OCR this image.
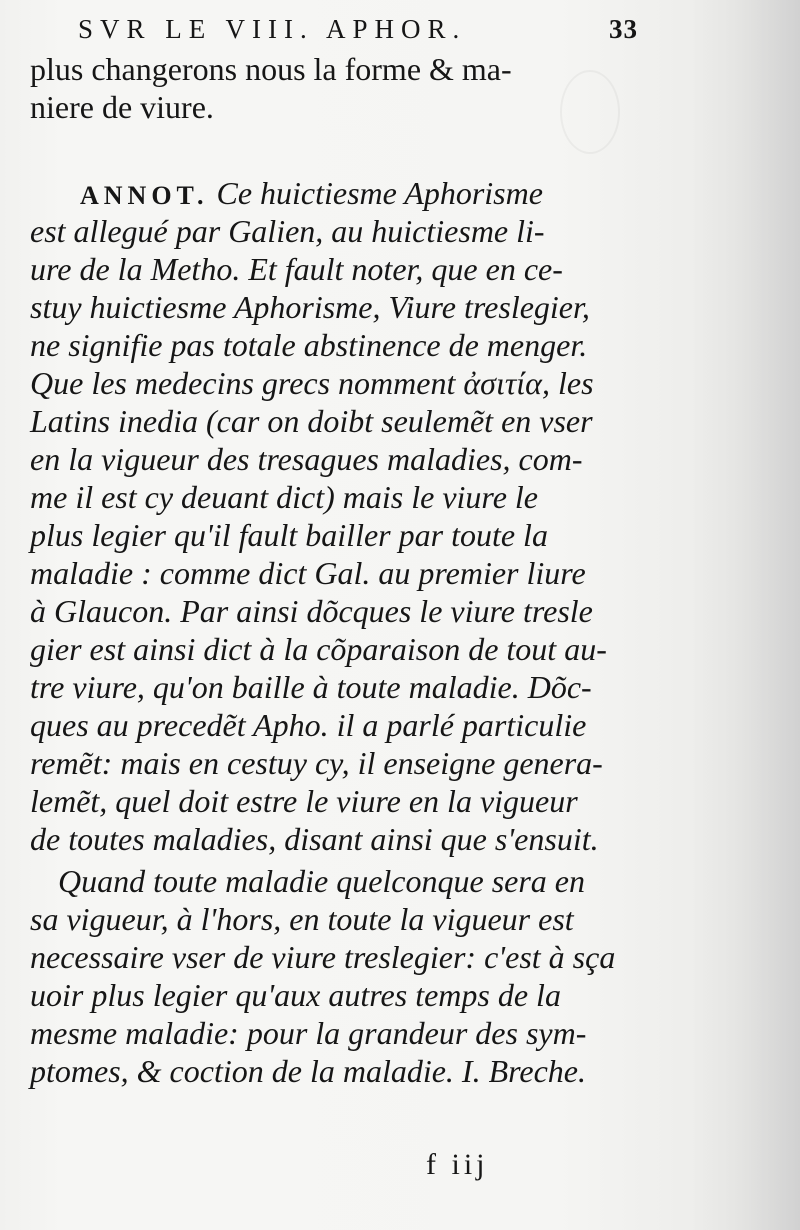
SVR LE VIII. APHOR.	33
plus changerons nous la forme & ma-
niere de viure.
ANNOT. Ce huictiesme Aphorisme
est allegué par Galien, au huictiesme li-
ure de la Metho. Et fault noter, que en ce-
stuy huictiesme Aphorisme, Viure treslegier,
ne signifie pas totale abstinence de menger.
Que les medecins grecs nomment ἀσιτία, les
Latins inedia (car on doibt seulemẽt en vser
en la vigueur des tresagues maladies, com-
me il est cy deuant dict) mais le viure le
plus legier qu'il fault bailler par toute la
maladie : comme dict Gal. au premier liure
à Glaucon. Par ainsi dõcques le viure tresle
gier est ainsi dict à la cõparaison de tout au-
tre viure, qu'on baille à toute maladie. Dõc-
ques au precedẽt Apho. il a parlé particulie
remẽt: mais en cestuy cy, il enseigne genera-
lemẽt, quel doit estre le viure en la vigueur
de toutes maladies, disant ainsi que s'ensuit.
Quand toute maladie quelconque sera en
sa vigueur, à l'hors, en toute la vigueur est
necessaire vser de viure treslegier: c'est à sça
uoir plus legier qu'aux autres temps de la
mesme maladie: pour la grandeur des sym-
ptomes, & coction de la maladie. I. Breche.
f iij
